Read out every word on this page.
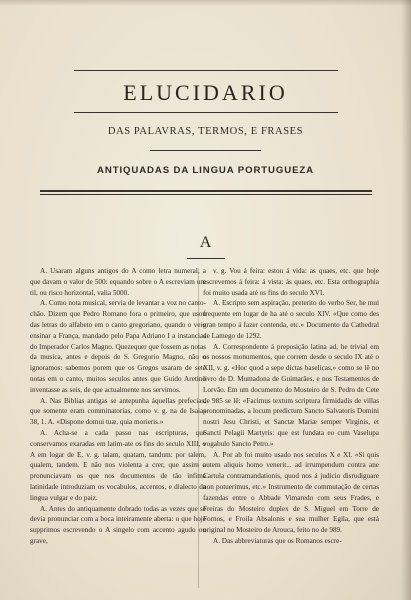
ELUCIDARIO
DAS PALAVRAS, TERMOS, E FRASES
ANTIQUADAS DA LINGUA PORTUGUEZA
A

A. Usaram alguns antigos do A como letra numeral, a que davam o valor de 500: equando sobre o A escreviam um til, ou risco horizontal, valia 5000.

A. Como nota musical, servia de levantar a voz no canto-chão. Dizem que Pedro Romano fora o primeiro, que usou das letras do alfabeto em o canto gregoriano, quando o veio ensinar a França, mandado pelo Papa Adriano I a instancias do Imperador Carlos Magno. Quezequer que fossem as notas da musica, antes e depois de S. Gregorio Magno, não o ignoramos: sabemos porem que os Gregos usaram de sete notas em o canto, muitos seculos antes que Guido Aretino inventasse as seis, de que actualmente nos servimos.

A. Nas Biblias antigas se antepunha áquellas prefecias, que somente eram comminatorias, como v. g. na de Isaias 38, 1. A. «Dispone domui tuæ, quia morieris.»

A. Acha-se a cada passo nas escripturas, que conservamos exaradas em latim-ate os fins do seculo XIII, o A em logar de E, v. g. talam, quatam, tandum: por talem, qualem, tandem. E não nos violenta a crer, que assim o pronunciavam os que nos documentos de tão infima latinidade introduziam os vocabulos, accentos, e dialecto da lingua vulgar e do paiz.

A. Antes do antiquamente dobrado todas as vezes que se devia pronunciar com a boca inteiramente aberta: o que hoje supprimos escrevendo o A singelo com accento agudo ou grave,

v. g. Vou á feira: estou á vida: as quaes, etc. que hoje escrevemos á feira: á vista: ás quaes, etc. Esta orthographia foi muito usada até os fins do seculo XVI.

A. Escripto sem aspiração, preterito do verbo Ser, he mui frequente em logar de ha até o seculo XIV. «Que como des gran tempo á fazer contenda, etc.» Documento da Cathedral de Lamego de 1292.

A. Correspondente á preposição latina ad, he trivial em os nossos monumentos, que correm desde o seculo IX até o XII, v. g. «Hoc quod a sepe dictas baselicas,» como se lê no livro de D. Mumadona de Guimarães, e nos Testamentos de Lorvão. Em um documento do Mosteiro de S. Pedro de Cete de 985 se lê: «Facimus textum scriptura firmidadis de villas pronominadas, a locum predictum Sancto Salvatoris Domini nostri Jesu Christi, et Sanctæ Mariæ semper Virginis, et Sancti Pelagii Martyris: que est fundata eo cum Vaselupa vogabulo Sancto Petro.»

A. Por ab foi muito usado nos seculos X e XI. «Si quis autem aliquis homo venerit... ad irrumpendum contra ane Cartula contramandationis, quod nos á judicio disrudiguare non potuerimus, etc.» Instrumento de commutação de certas fazendas entre o Abbade Vimaredo com seus Frades, e Freiras do Mosteiro duplex de S. Miguel em Torre de Fornos, e Froila Absalonis e sua mulher Egila, que está original no Mosteiro de Arouca, feito no de 989.

A. Das abbreviaturas que os Romanos escre-
